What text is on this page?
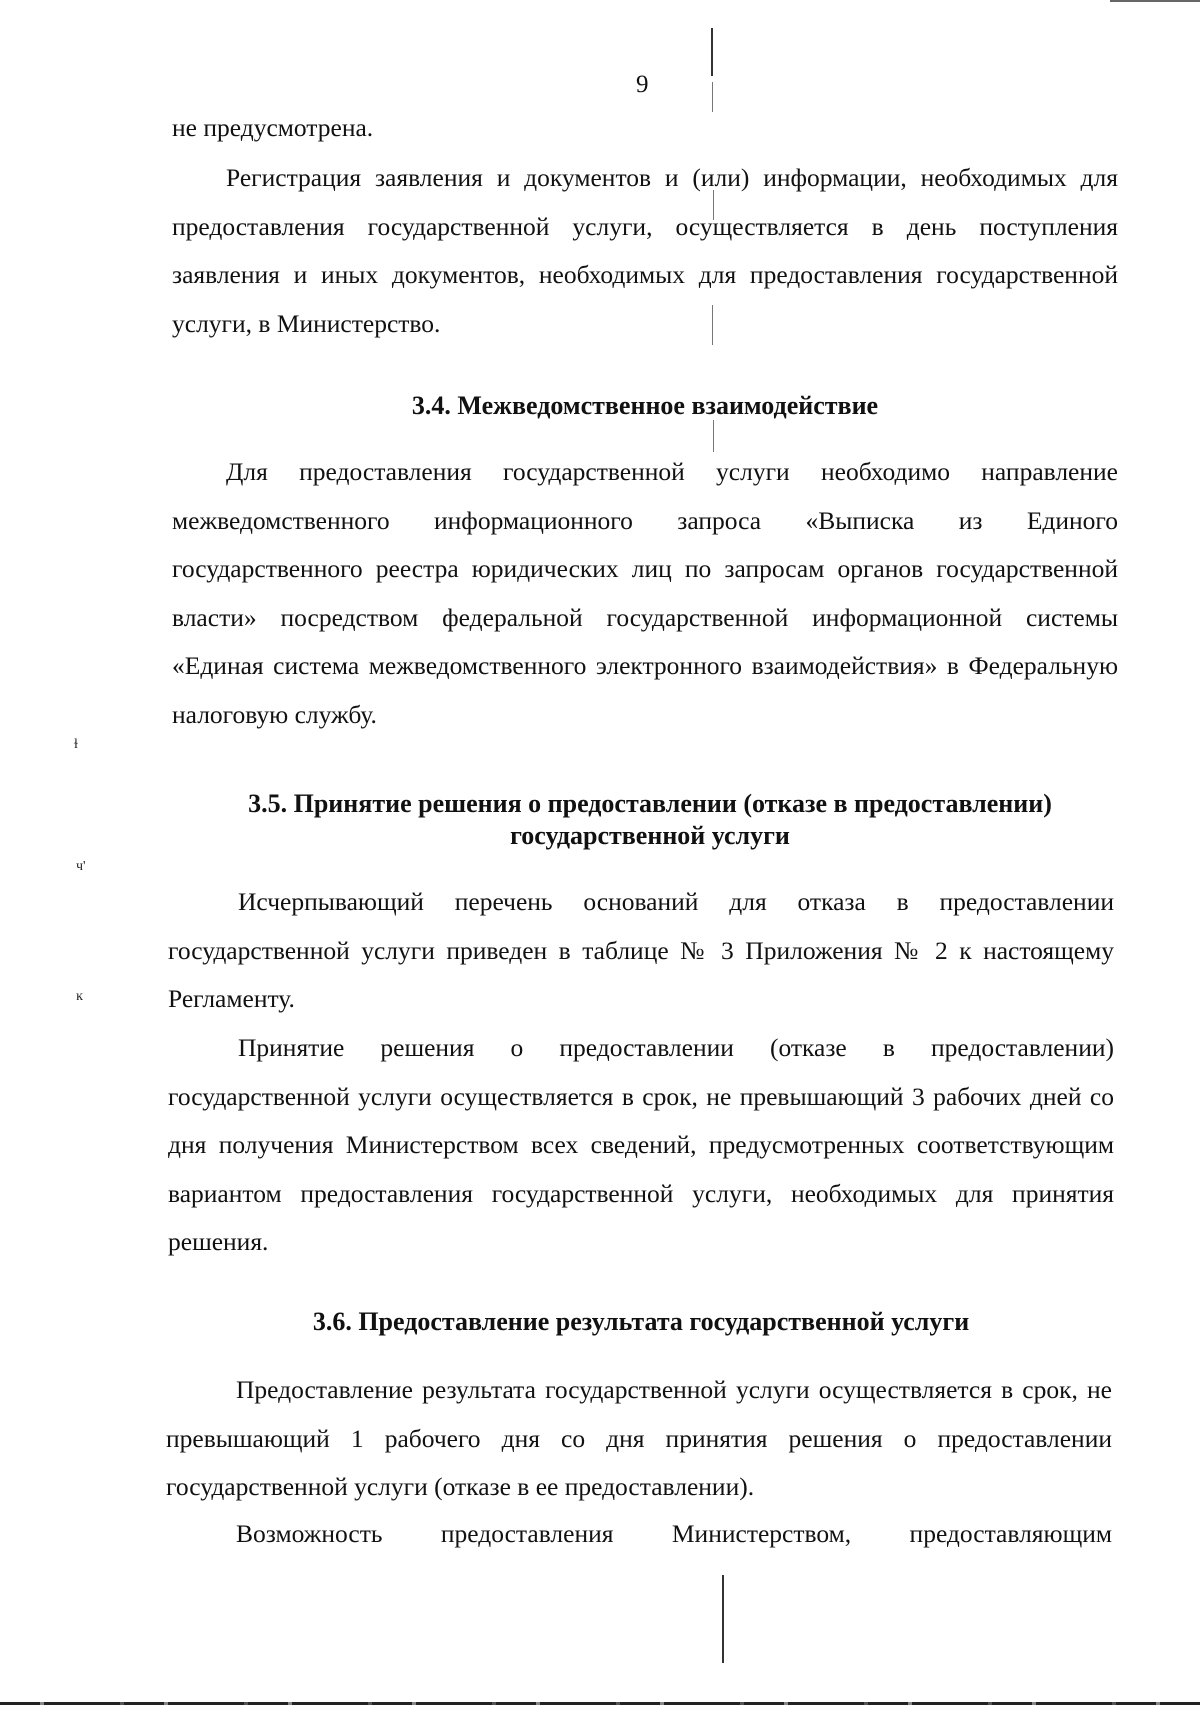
ɫ
ч'
ĸ
9

не предусмотрена.

Регистрация заявления и документов и (или) информации, необходимых для предоставления государственной услуги, осуществляется в день поступления заявления и иных документов, необходимых для предоставления государственной услуги, в Министерство.

3.4. Межведомственное взаимодействие

Для предоставления государственной услуги необходимо направление межведомственного информационного запроса «Выписка из Единого государственного реестра юридических лиц по запросам органов государственной власти» посредством федеральной государственной информационной системы «Единая система межведомственного электронного взаимодействия» в Федеральную налоговую службу.

3.5. Принятие решения о предоставлении (отказе в предоставлении) государственной услуги

Исчерпывающий перечень оснований для отказа в предоставлении государственной услуги приведен в таблице № 3 Приложения № 2 к настоящему Регламенту.

Принятие решения о предоставлении (отказе в предоставлении) государственной услуги осуществляется в срок, не превышающий 3 рабочих дней со дня получения Министерством всех сведений, предусмотренных соответствующим вариантом предоставления государственной услуги, необходимых для принятия решения.

3.6. Предоставление результата государственной услуги

Предоставление результата государственной услуги осуществляется в срок, не превышающий 1 рабочего дня со дня принятия решения о предоставлении государственной услуги (отказе в ее предоставлении).

Возможность предоставления Министерством, предоставляющим
